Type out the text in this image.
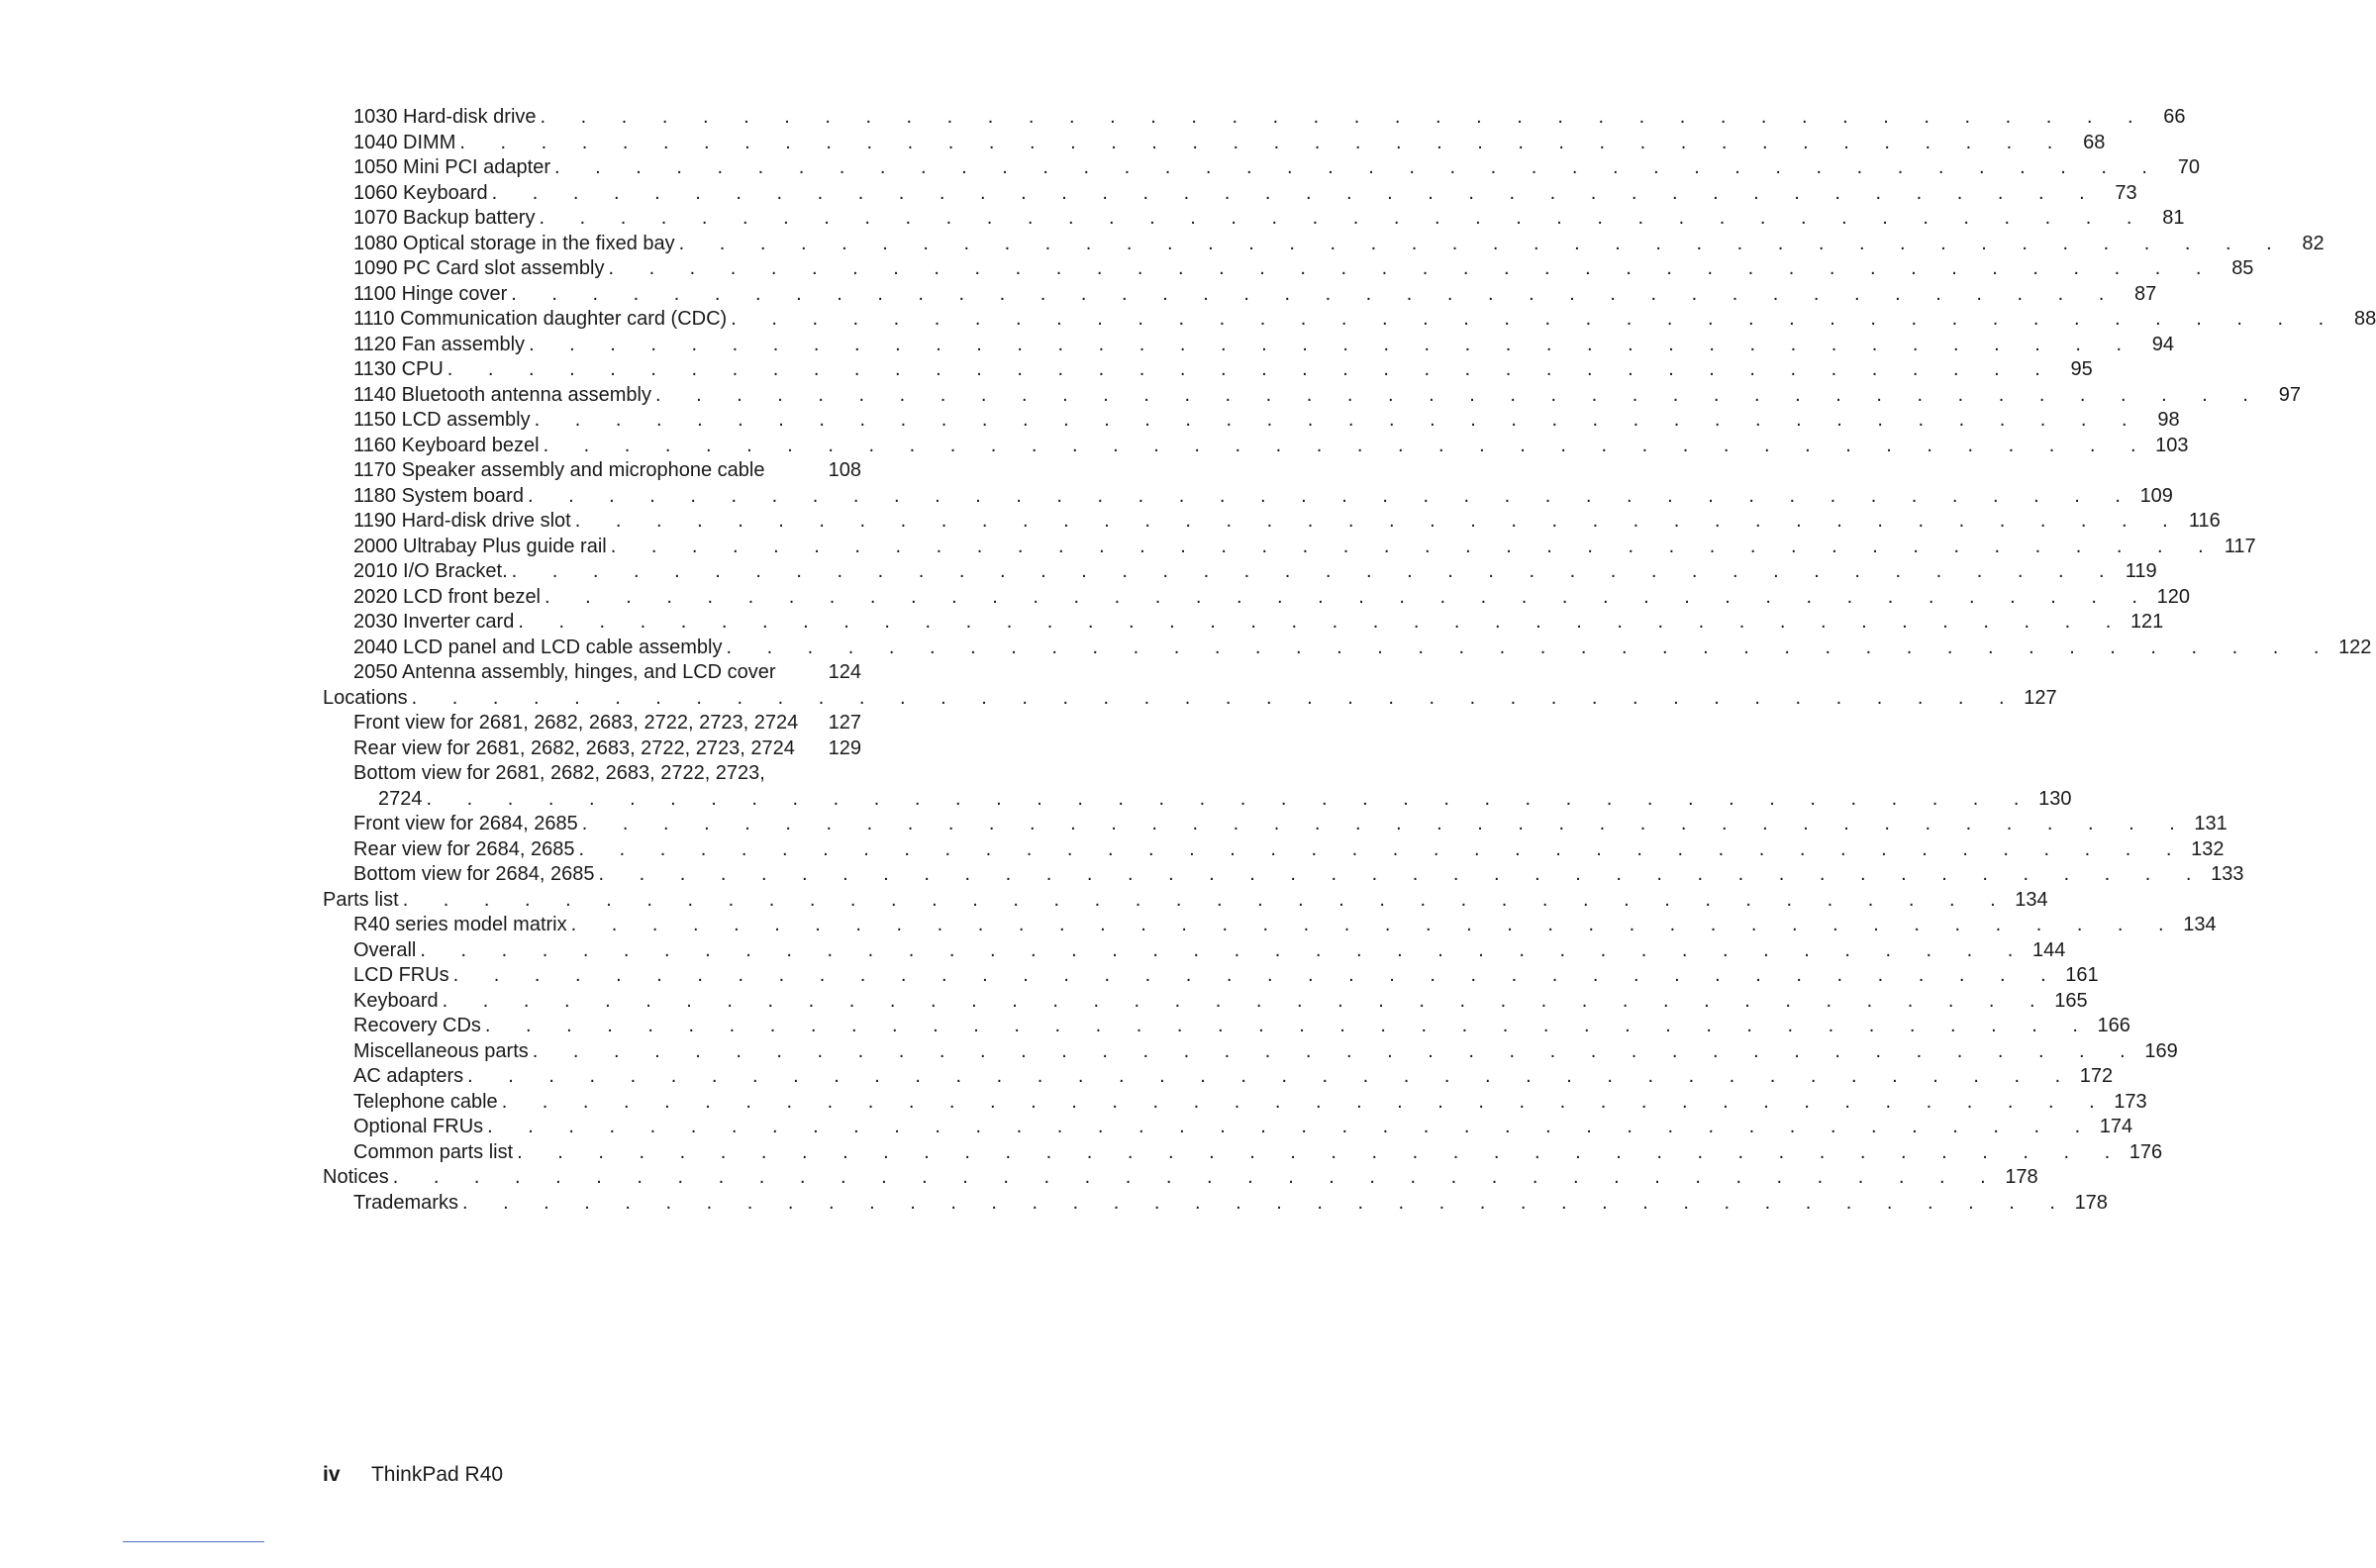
1030 Hard-disk drive . . . . . . . . . . . . . . . . . . . . . . . . . . . . . . . . . . . . . . . . 66
1040 DIMM . . . . . . . . . . . . . . . . . . . . . . . . . . . . . . . . . . . . . . . . 68
1050 Mini PCI adapter . . . . . . . . . . . . . . . . . . . . . . . . . . . . . . . . . . . . . . . . 70
1060 Keyboard . . . . . . . . . . . . . . . . . . . . . . . . . . . . . . . . . . . . . . . . 73
1070 Backup battery . . . . . . . . . . . . . . . . . . . . . . . . . . . . . . . . . . . . . . . . 81
1080 Optical storage in the fixed bay . . . . . . . . . . . . . . . . . . . . . . . . . . . . . . . . . . . . . . . . 82
1090 PC Card slot assembly . . . . . . . . . . . . . . . . . . . . . . . . . . . . . . . . . . . . . . . . 85
1100 Hinge cover . . . . . . . . . . . . . . . . . . . . . . . . . . . . . . . . . . . . . . . . 87
1110 Communication daughter card (CDC) . . . . . . . . . . . . . . . . . . . . . . . . . . . . . . . . . . . . . . . . 88
1120 Fan assembly . . . . . . . . . . . . . . . . . . . . . . . . . . . . . . . . . . . . . . . . 94
1130 CPU . . . . . . . . . . . . . . . . . . . . . . . . . . . . . . . . . . . . . . . . 95
1140 Bluetooth antenna assembly . . . . . . . . . . . . . . . . . . . . . . . . . . . . . . . . . . . . . . . . 97
1150 LCD assembly . . . . . . . . . . . . . . . . . . . . . . . . . . . . . . . . . . . . . . . . 98
1160 Keyboard bezel . . . . . . . . . . . . . . . . . . . . . . . . . . . . . . . . . . . . . . . . 103
1170 Speaker assembly and microphone cable	108
1180 System board . . . . . . . . . . . . . . . . . . . . . . . . . . . . . . . . . . . . . . . . 109
1190 Hard-disk drive slot . . . . . . . . . . . . . . . . . . . . . . . . . . . . . . . . . . . . . . . . 116
2000 Ultrabay Plus guide rail . . . . . . . . . . . . . . . . . . . . . . . . . . . . . . . . . . . . . . . . 117
2010 I/O Bracket. . . . . . . . . . . . . . . . . . . . . . . . . . . . . . . . . . . . . . . . . 119
2020 LCD front bezel . . . . . . . . . . . . . . . . . . . . . . . . . . . . . . . . . . . . . . . . 120
2030 Inverter card . . . . . . . . . . . . . . . . . . . . . . . . . . . . . . . . . . . . . . . . 121
2040 LCD panel and LCD cable assembly . . . . . . . . . . . . . . . . . . . . . . . . . . . . . . . . . . . . . . . . 122
2050 Antenna assembly, hinges, and LCD cover	124
Locations . . . . . . . . . . . . . . . . . . . . . . . . . . . . . . . . . . . . . . . . 127
Front view for 2681, 2682, 2683, 2722, 2723, 2724 127
Rear view for 2681, 2682, 2683, 2722, 2723, 2724 129
Bottom view for 2681, 2682, 2683, 2722, 2723,
2724 . . . . . . . . . . . . . . . . . . . . . . . . . . . . . . . . . . . . . . . . 130
Front view for 2684, 2685 . . . . . . . . . . . . . . . . . . . . . . . . . . . . . . . . . . . . . . . . 131
Rear view for 2684, 2685 . . . . . . . . . . . . . . . . . . . . . . . . . . . . . . . . . . . . . . . . 132
Bottom view for 2684, 2685 . . . . . . . . . . . . . . . . . . . . . . . . . . . . . . . . . . . . . . . . 133
Parts list . . . . . . . . . . . . . . . . . . . . . . . . . . . . . . . . . . . . . . . . 134
R40 series model matrix . . . . . . . . . . . . . . . . . . . . . . . . . . . . . . . . . . . . . . . . 134
Overall . . . . . . . . . . . . . . . . . . . . . . . . . . . . . . . . . . . . . . . . 144
LCD FRUs . . . . . . . . . . . . . . . . . . . . . . . . . . . . . . . . . . . . . . . . 161
Keyboard . . . . . . . . . . . . . . . . . . . . . . . . . . . . . . . . . . . . . . . . 165
Recovery CDs . . . . . . . . . . . . . . . . . . . . . . . . . . . . . . . . . . . . . . . . 166
Miscellaneous parts . . . . . . . . . . . . . . . . . . . . . . . . . . . . . . . . . . . . . . . . 169
AC adapters . . . . . . . . . . . . . . . . . . . . . . . . . . . . . . . . . . . . . . . . 172
Telephone cable . . . . . . . . . . . . . . . . . . . . . . . . . . . . . . . . . . . . . . . . 173
Optional FRUs . . . . . . . . . . . . . . . . . . . . . . . . . . . . . . . . . . . . . . . . 174
Common parts list . . . . . . . . . . . . . . . . . . . . . . . . . . . . . . . . . . . . . . . . 176
Notices . . . . . . . . . . . . . . . . . . . . . . . . . . . . . . . . . . . . . . . . 178
Trademarks . . . . . . . . . . . . . . . . . . . . . . . . . . . . . . . . . . . . . . . . 178
iv ThinkPad R40
